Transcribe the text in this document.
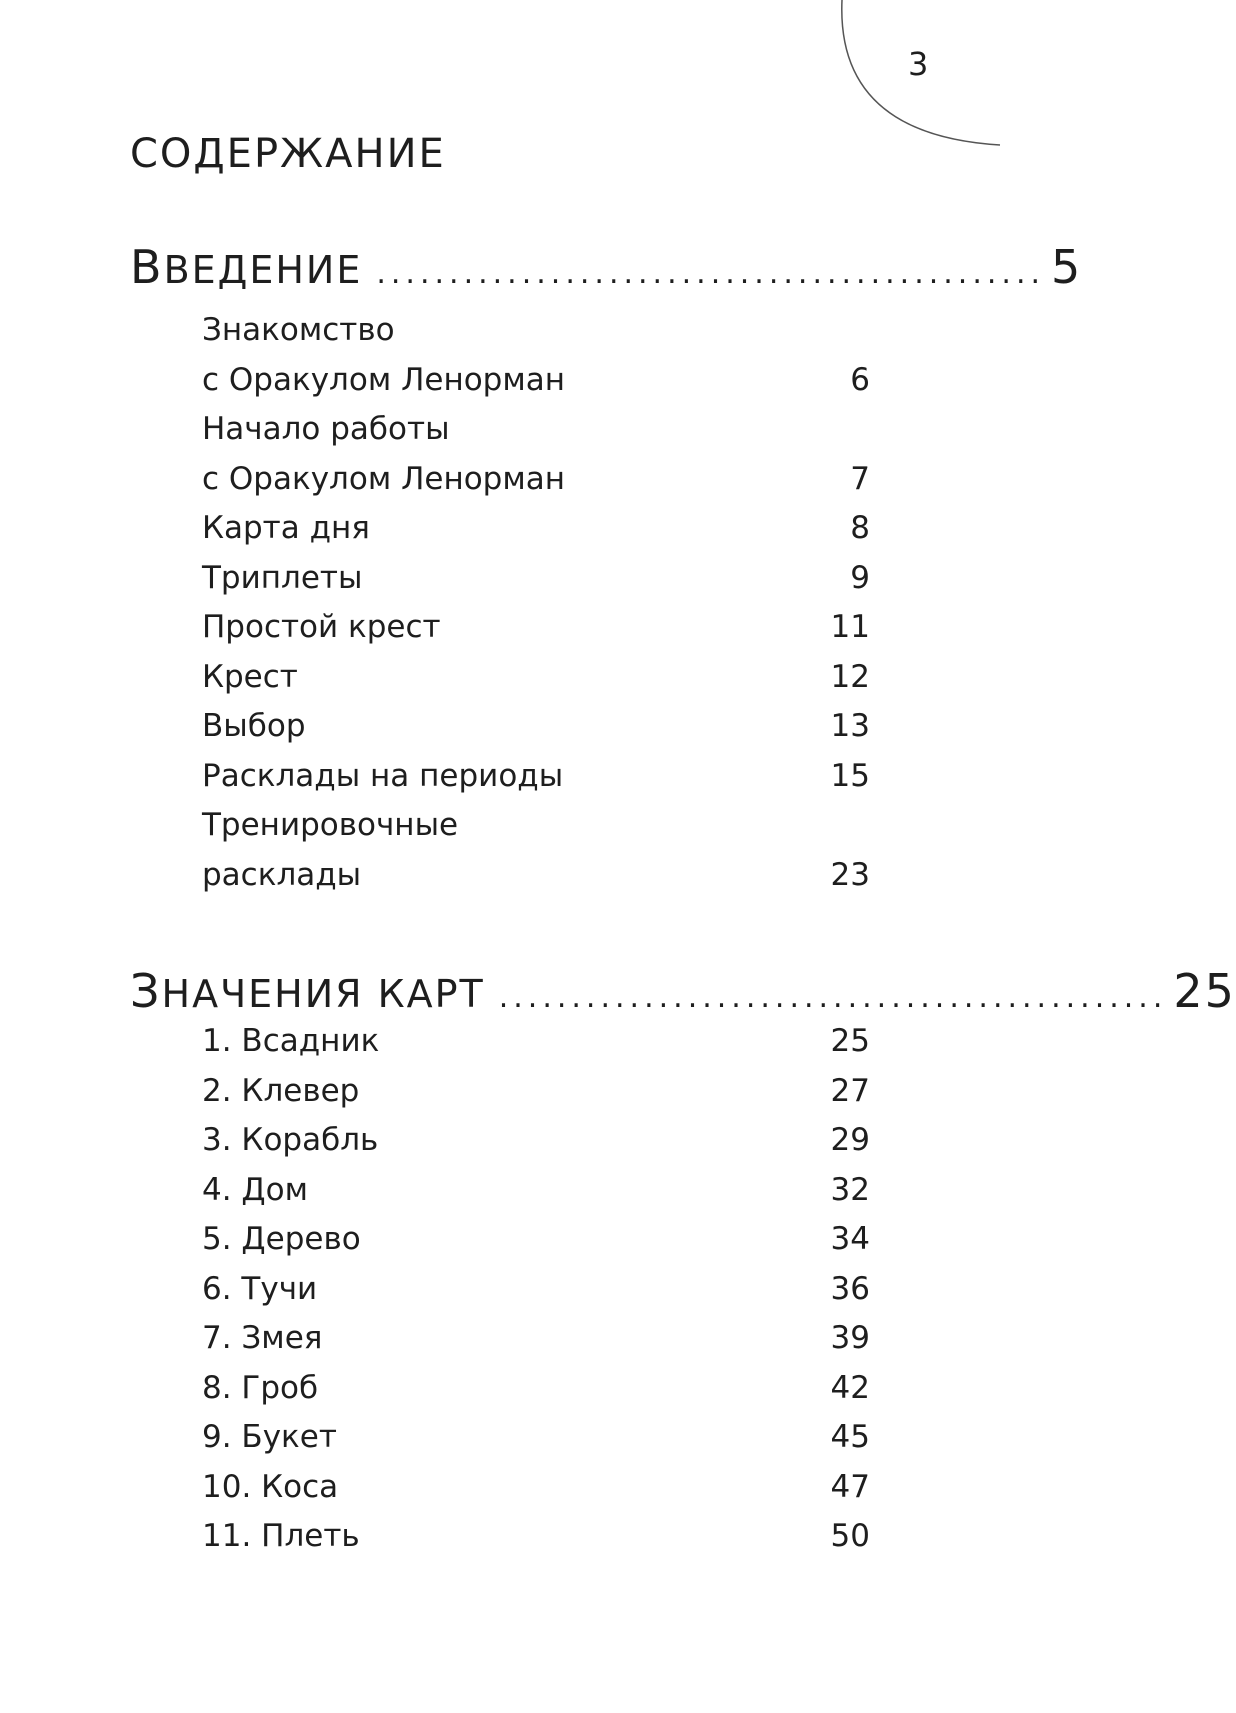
3
СОДЕРЖАНИЕ
ВВЕДЕНИЕ .............................................. 5
Знакомство
с Оракулом Ленорман	6
Начало работы
с Оракулом Ленорман	7
Карта дня	8
Триплеты	9
Простой крест	11
Крест	12
Выбор	13
Расклады на периоды	15
Тренировочные
расклады	23
ЗНАЧЕНИЯ КАРТ .............................................. 25
1. Всадник	25
2. Клевер	27
3. Корабль	29
4. Дом	32
5. Дерево	34
6. Тучи	36
7. Змея	39
8. Гроб	42
9. Букет	45
10. Коса	47
11. Плеть	50
